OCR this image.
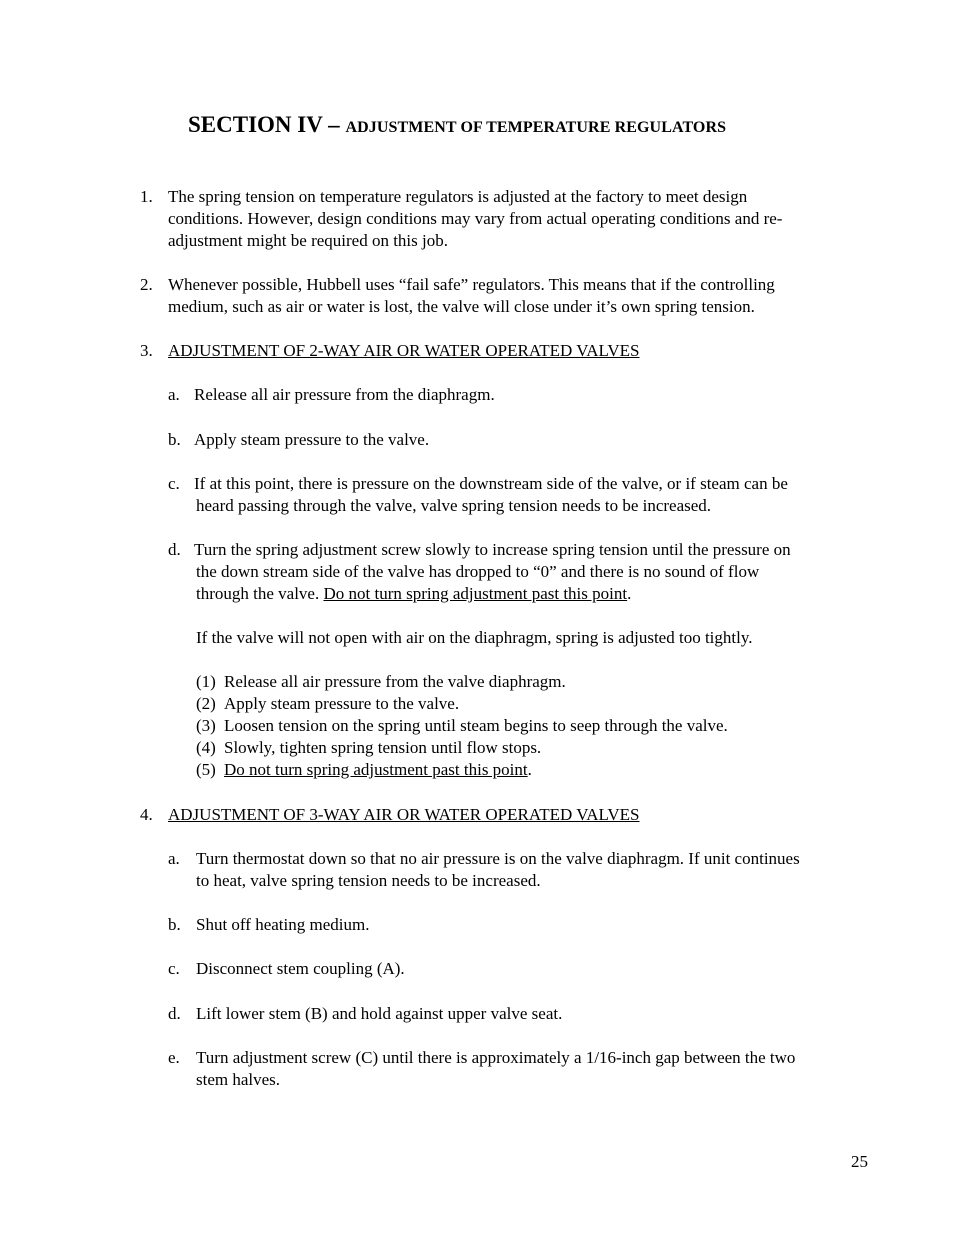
SECTION IV – ADJUSTMENT OF TEMPERATURE REGULATORS
1. The spring tension on temperature regulators is adjusted at the factory to meet design
conditions. However, design conditions may vary from actual operating conditions and re-
adjustment might be required on this job.
2. Whenever possible, Hubbell uses “fail safe” regulators. This means that if the controlling
medium, such as air or water is lost, the valve will close under it’s own spring tension.
3. ADJUSTMENT OF 2-WAY AIR OR WATER OPERATED VALVES
a. Release all air pressure from the diaphragm.
b. Apply steam pressure to the valve.
c. If at this point, there is pressure on the downstream side of the valve, or if steam can be
heard passing through the valve, valve spring tension needs to be increased.
d. Turn the spring adjustment screw slowly to increase spring tension until the pressure on
the down stream side of the valve has dropped to “0” and there is no sound of flow
through the valve. Do not turn spring adjustment past this point.
If the valve will not open with air on the diaphragm, spring is adjusted too tightly.
(1) Release all air pressure from the valve diaphragm.
(2) Apply steam pressure to the valve.
(3) Loosen tension on the spring until steam begins to seep through the valve.
(4) Slowly, tighten spring tension until flow stops.
(5) Do not turn spring adjustment past this point.
4. ADJUSTMENT OF 3-WAY AIR OR WATER OPERATED VALVES
a. Turn thermostat down so that no air pressure is on the valve diaphragm. If unit continues
to heat, valve spring tension needs to be increased.
b. Shut off heating medium.
c. Disconnect stem coupling (A).
d. Lift lower stem (B) and hold against upper valve seat.
e. Turn adjustment screw (C) until there is approximately a 1/16-inch gap between the two
stem halves.
25
